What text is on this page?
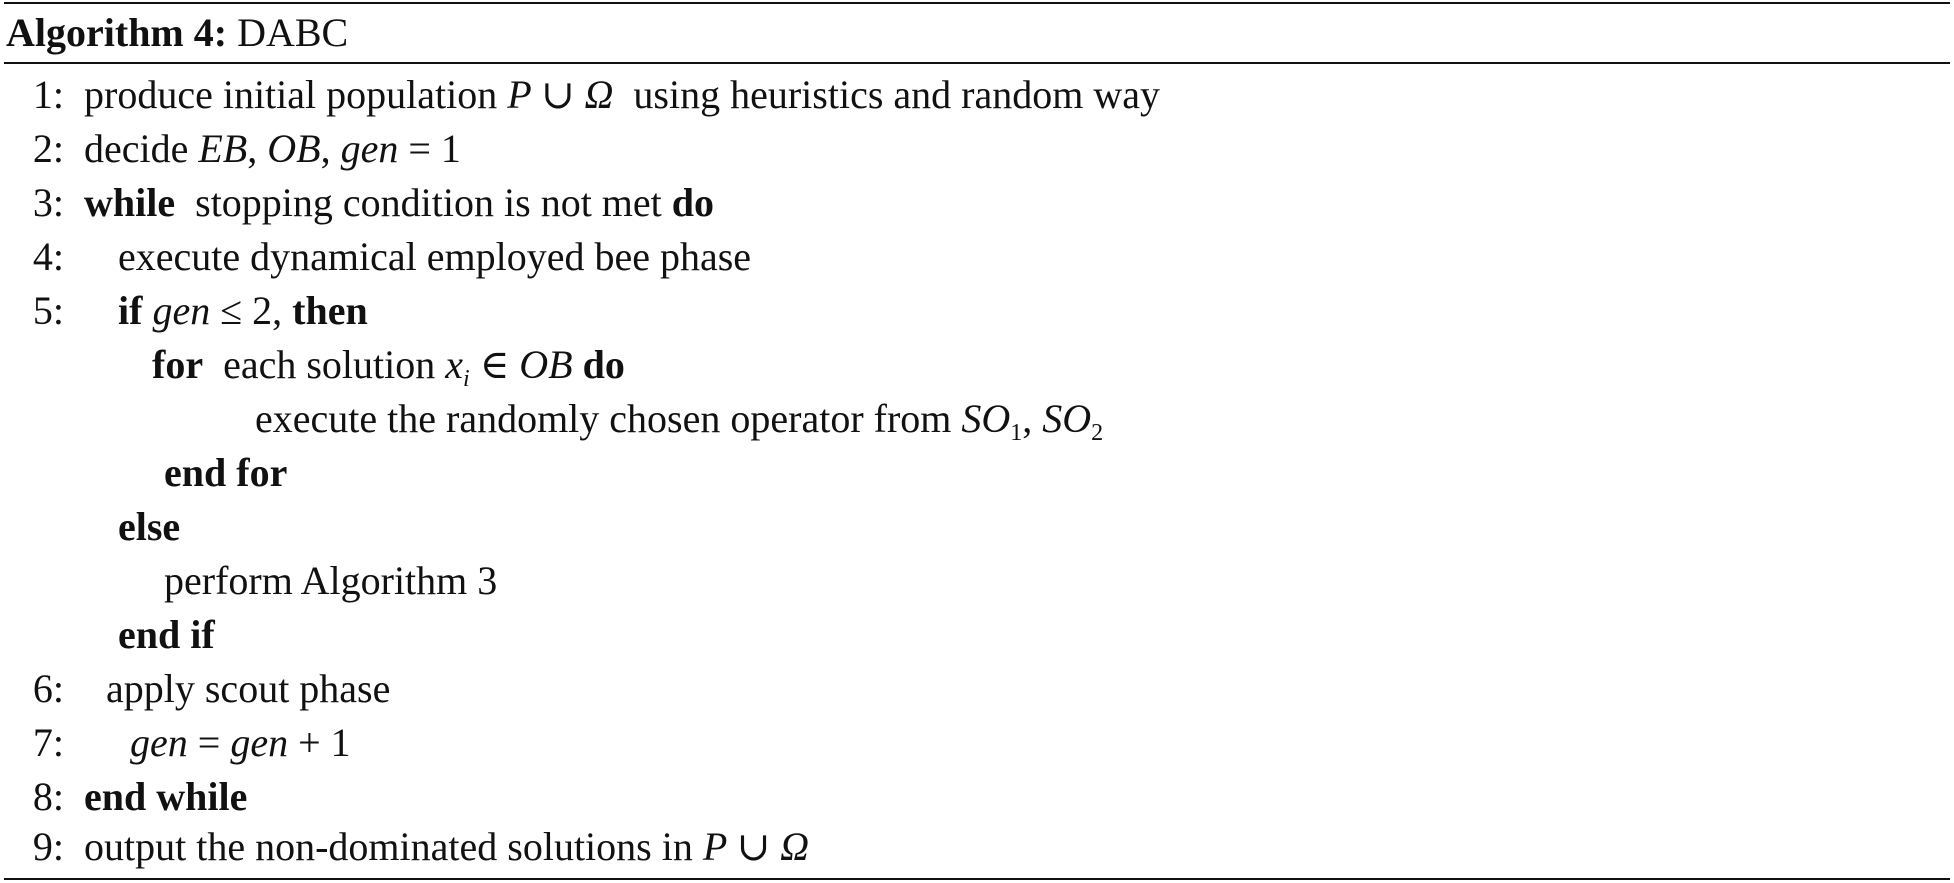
Algorithm 4: DABC
1: produce initial population P ∪ Ω  using heuristics and random way
2: decide EB, OB, gen = 1
3: while  stopping condition is not met do
4: execute dynamical employed bee phase
5: if gen ≤ 2, then
for  each solution $x_i$ ∈ OB do
execute the randomly chosen operator from $SO_1$, $SO_2$
end for
else
perform Algorithm 3
end if
6: apply scout phase
7: gen = gen + 1
8: end while
9: output the non-dominated solutions in P ∪ Ω
